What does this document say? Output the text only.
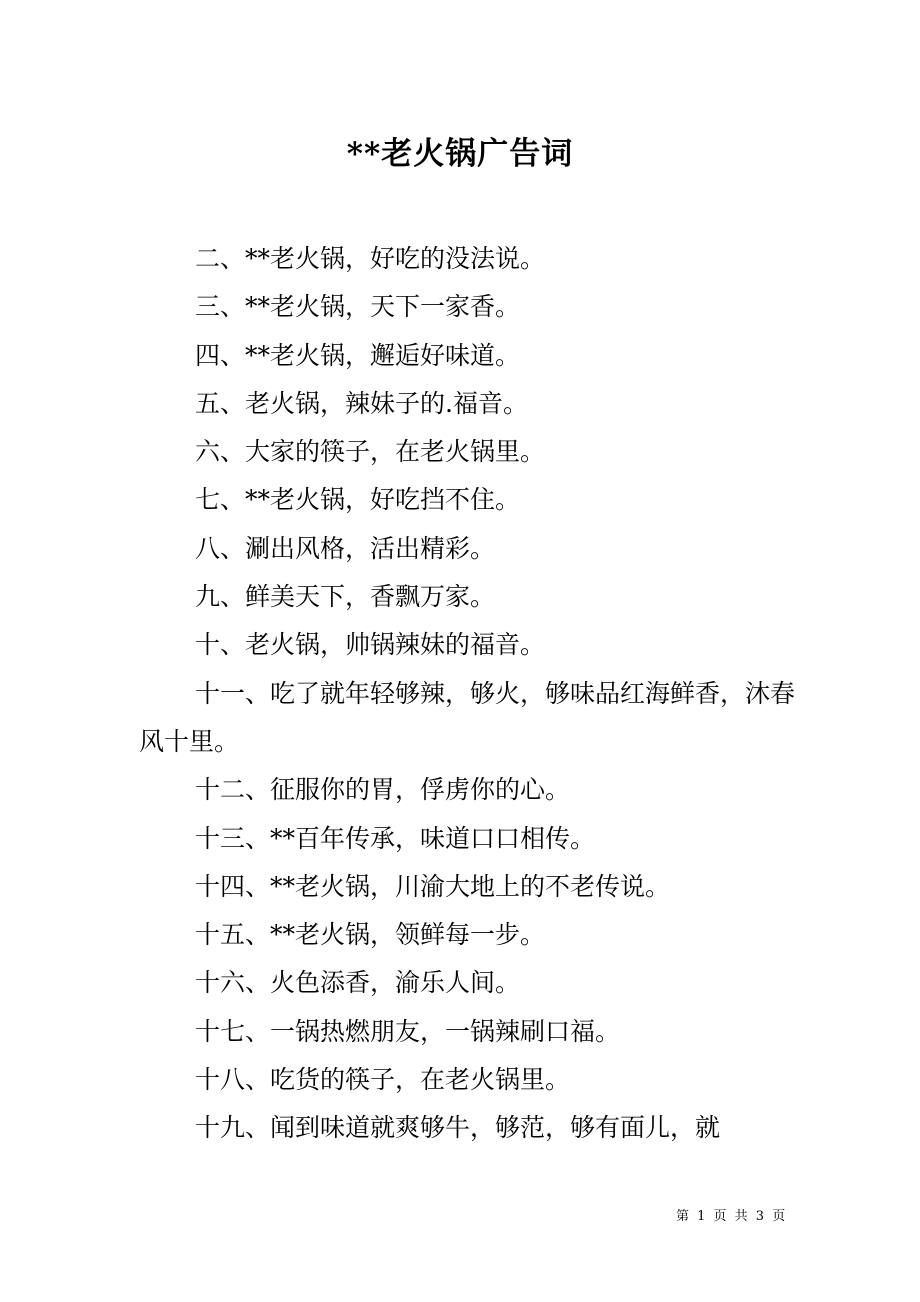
**老火锅广告词

二、**老火锅，好吃的没法说。

三、**老火锅，天下一家香。

四、**老火锅，邂逅好味道。

五、老火锅，辣妹子的.福音。

六、大家的筷子，在老火锅里。

七、**老火锅，好吃挡不住。

八、涮出风格，活出精彩。

九、鲜美天下，香飘万家。

十、老火锅，帅锅辣妹的福音。

十一、吃了就年轻够辣，够火，够味品红海鲜香，沐春风十里。

十二、征服你的胃，俘虏你的心。

十三、**百年传承，味道口口相传。

十四、**老火锅，川渝大地上的不老传说。

十五、**老火锅，领鲜每一步。

十六、火色添香，渝乐人间。

十七、一锅热燃朋友，一锅辣刷口福。

十八、吃货的筷子，在老火锅里。

十九、闻到味道就爽够牛，够范，够有面儿，就

第 1 页 共 3 页
